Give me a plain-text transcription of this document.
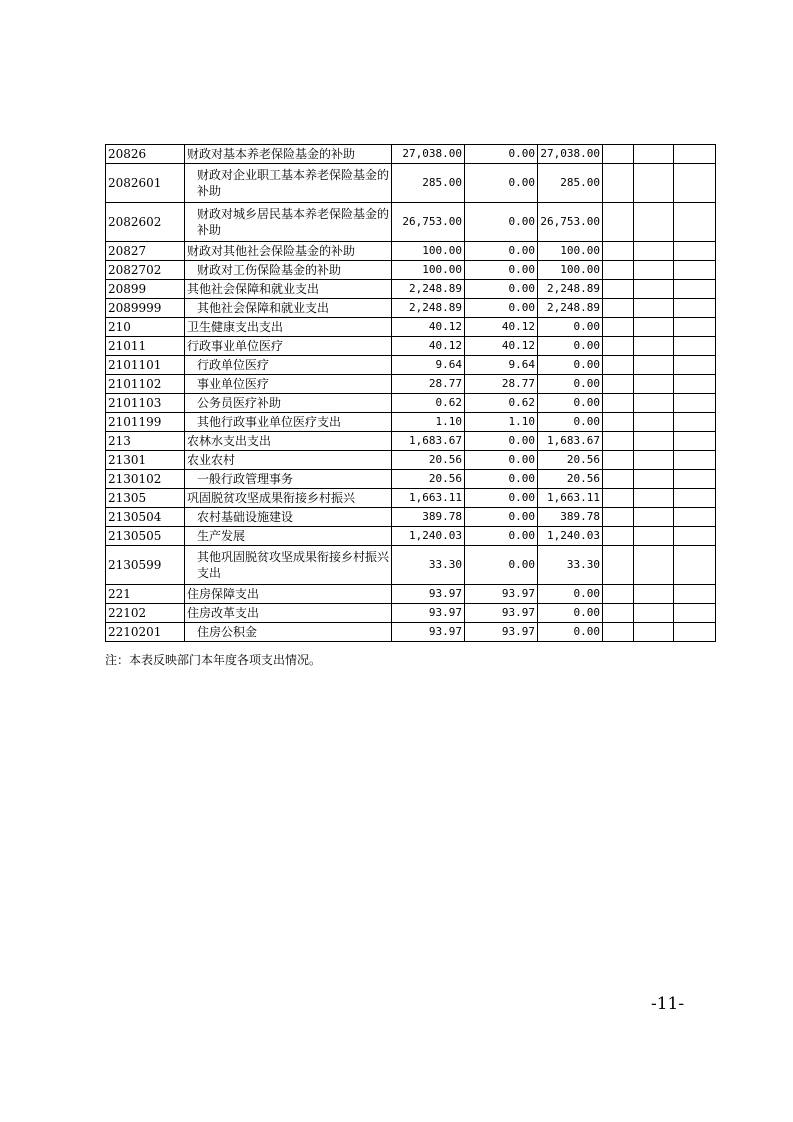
20826	财政对基本养老保险基金的补助	27,038.00	0.00	27,038.00			
2082601	财政对企业职工基本养老保险基金的补助	285.00	0.00	285.00			
2082602	财政对城乡居民基本养老保险基金的补助	26,753.00	0.00	26,753.00			
20827	财政对其他社会保险基金的补助	100.00	0.00	100.00			
2082702	财政对工伤保险基金的补助	100.00	0.00	100.00			
20899	其他社会保障和就业支出	2,248.89	0.00	2,248.89			
2089999	其他社会保障和就业支出	2,248.89	0.00	2,248.89			
210	卫生健康支出支出	40.12	40.12	0.00			
21011	行政事业单位医疗	40.12	40.12	0.00			
2101101	行政单位医疗	9.64	9.64	0.00			
2101102	事业单位医疗	28.77	28.77	0.00			
2101103	公务员医疗补助	0.62	0.62	0.00			
2101199	其他行政事业单位医疗支出	1.10	1.10	0.00			
213	农林水支出支出	1,683.67	0.00	1,683.67			
21301	农业农村	20.56	0.00	20.56			
2130102	一般行政管理事务	20.56	0.00	20.56			
21305	巩固脱贫攻坚成果衔接乡村振兴	1,663.11	0.00	1,663.11			
2130504	农村基础设施建设	389.78	0.00	389.78			
2130505	生产发展	1,240.03	0.00	1,240.03			
2130599	其他巩固脱贫攻坚成果衔接乡村振兴支出	33.30	0.00	33.30			
221	住房保障支出	93.97	93.97	0.00			
22102	住房改革支出	93.97	93.97	0.00			
2210201	住房公积金	93.97	93.97	0.00			
注：本表反映部门本年度各项支出情况。
-11-
